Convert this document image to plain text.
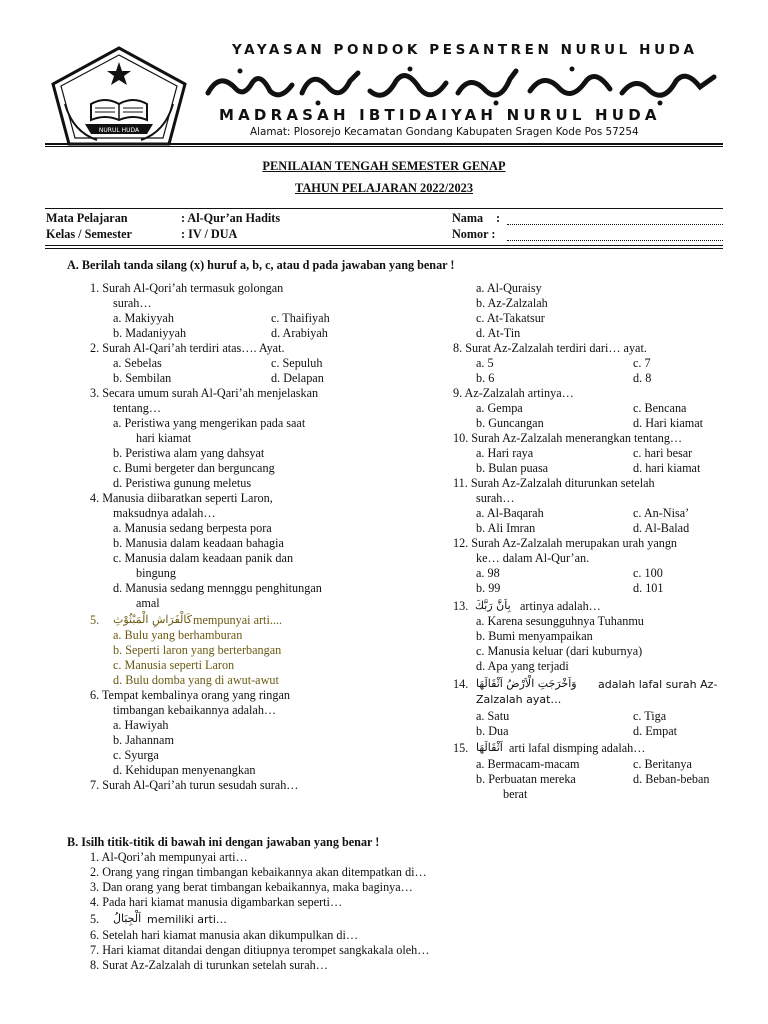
NURUL HUDA
YAYASAN PONDOK PESANTREN NURUL HUDA
MADRASAH IBTIDAIYAH NURUL HUDA
Alamat: Plosorejo Kecamatan Gondang Kabupaten Sragen Kode Pos 57254
PENILAIAN TENGAH SEMESTER GENAP
TAHUN PELAJARAN 2022/2023
Mata Pelajaran	: Al-Qur’an Hadits
Kelas / Semester	: IV / DUA
Nama :
Nomor :
A. Berilah tanda silang (x) huruf a, b, c, atau d pada jawaban yang benar !
1. Surah Al-Qori’ah termasuk golongan
surah…
a. Makiyyah	c. Thaifiyah
b. Madaniyyah	d. Arabiyah
2. Surah Al-Qari’ah terdiri atas…. Ayat.
a. Sebelas	c. Sepuluh
b. Sembilan	d. Delapan
3. Secara umum surah Al-Qari’ah menjelaskan
tentang…
a. Peristiwa yang mengerikan pada saat
hari kiamat
b. Peristiwa alam yang dahsyat
c. Bumi bergeter dan berguncang
d. Peristiwa gunung meletus
4. Manusia diibaratkan seperti Laron,
maksudnya adalah…
a. Manusia sedang berpesta pora
b. Manusia dalam keadaan bahagia
c. Manusia dalam keadaan panik dan
bingung
d. Manusia sedang mennggu penghitungan
amal
5. كَالْفَرَاشِ الْمَبْثُوْثِ mempunyai arti....
a. Bulu yang berhamburan
b. Seperti laron yang berterbangan
c. Manusia seperti Laron
d. Bulu domba yang di awut-awut
6. Tempat kembalinya orang yang ringan
timbangan kebaikannya adalah…
a. Hawiyah
b. Jahannam
c. Syurga
d. Kehidupan menyenangkan
7. Surah Al-Qari’ah turun sesudah surah…
a. Al-Quraisy
b. Az-Zalzalah
c. At-Takatsur
d. At-Tin
8. Surat Az-Zalzalah terdiri dari… ayat.
a. 5	c. 7
b. 6	d. 8
9. Az-Zalzalah artinya…
a. Gempa	c. Bencana
b. Guncangan	d. Hari kiamat
10. Surah Az-Zalzalah menerangkan tentang…
a. Hari raya	c. hari besar
b. Bulan puasa	d. hari kiamat
11. Surah Az-Zalzalah diturunkan setelah
surah…
a. Al-Baqarah	c. An-Nisa’
b. Ali Imran	d. Al-Balad
12. Surah Az-Zalzalah merupakan urah yangn
ke… dalam Al-Qur’an.
a. 98	c. 100
b. 99	d. 101
13. بِاَنَّ رَبَّكَ artinya adalah…
a. Karena sesungguhnya Tuhanmu
b. Bumi menyampaikan
c. Manusia keluar (dari kuburnya)
d. Apa yang terjadi
14. وَاَخْرَجَتِ الْاَرْضُ اَثْقَالَهَا adalah lafal surah Az-
Zalzalah ayat…
a. Satu	c. Tiga
b. Dua	d. Empat
15. اَثْقَالَهَا arti lafal dismping adalah…
a. Bermacam-macam	c. Beritanya
b. Perbuatan mereka	d. Beban-beban
berat
B. Isilh titik-titik di bawah ini dengan jawaban yang benar !
1. Al-Qori’ah mempunyai arti…
2. Orang yang ringan timbangan kebaikannya akan ditempatkan di…
3. Dan orang yang berat timbangan kebaikannya, maka baginya…
4. Pada hari kiamat manusia digambarkan seperti…
5. اَلْجِبَالُ memiliki arti…
6. Setelah hari kiamat manusia akan dikumpulkan di…
7. Hari kiamat ditandai dengan ditiupnya terompet sangkakala oleh…
8. Surat Az-Zalzalah di turunkan setelah surah…
